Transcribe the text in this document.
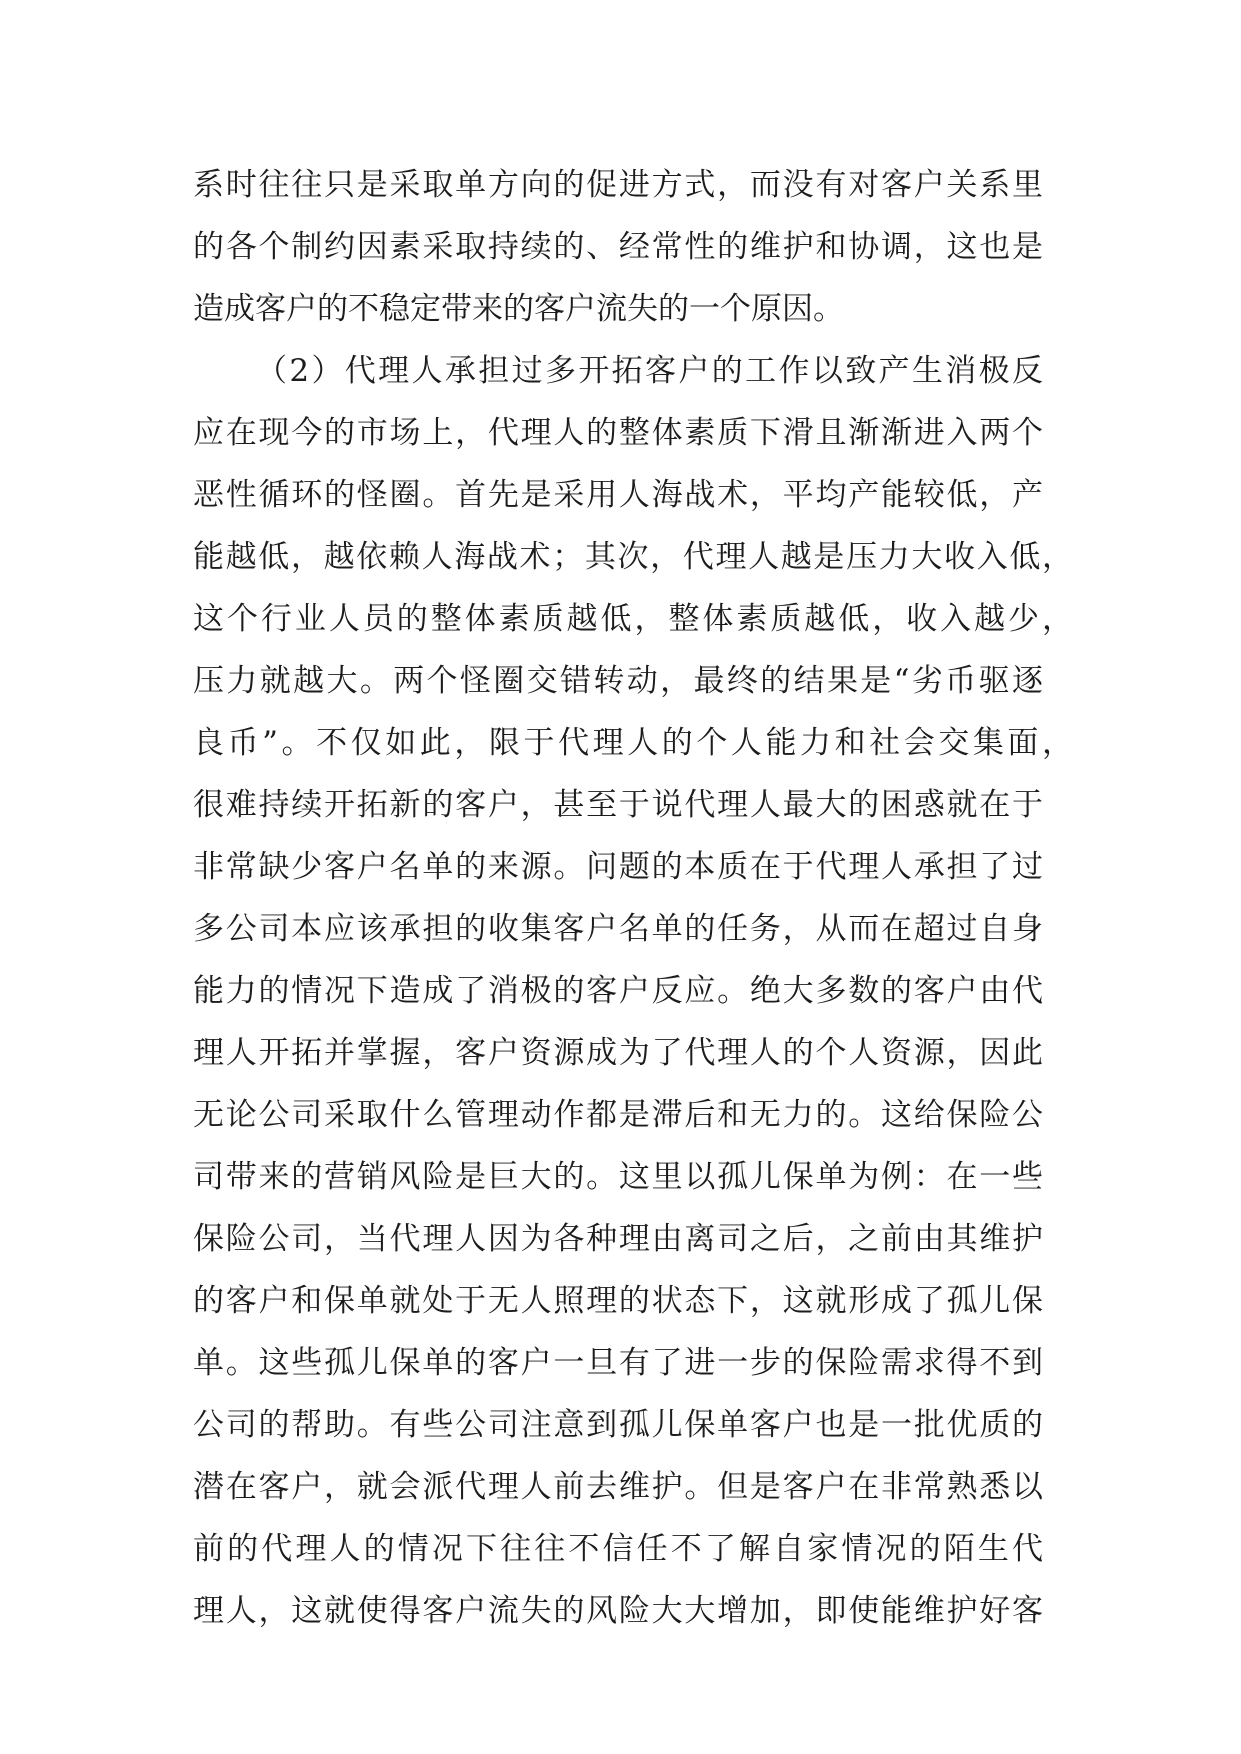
系时往往只是采取单方向的促进方式，而没有对客户关系里
的各个制约因素采取持续的、经常性的维护和协调，这也是
造成客户的不稳定带来的客户流失的一个原因。
（2）代理人承担过多开拓客户的工作以致产生消极反
应在现今的市场上，代理人的整体素质下滑且渐渐进入两个
恶性循环的怪圈。首先是采用人海战术，平均产能较低，产
能越低，越依赖人海战术；其次，代理人越是压力大收入低，
这个行业人员的整体素质越低，整体素质越低，收入越少，
压力就越大。两个怪圈交错转动，最终的结果是“劣币驱逐
良币”。不仅如此，限于代理人的个人能力和社会交集面，
很难持续开拓新的客户，甚至于说代理人最大的困惑就在于
非常缺少客户名单的来源。问题的本质在于代理人承担了过
多公司本应该承担的收集客户名单的任务，从而在超过自身
能力的情况下造成了消极的客户反应。绝大多数的客户由代
理人开拓并掌握，客户资源成为了代理人的个人资源，因此
无论公司采取什么管理动作都是滞后和无力的。这给保险公
司带来的营销风险是巨大的。这里以孤儿保单为例：在一些
保险公司，当代理人因为各种理由离司之后，之前由其维护
的客户和保单就处于无人照理的状态下，这就形成了孤儿保
单。这些孤儿保单的客户一旦有了进一步的保险需求得不到
公司的帮助。有些公司注意到孤儿保单客户也是一批优质的
潜在客户，就会派代理人前去维护。但是客户在非常熟悉以
前的代理人的情况下往往不信任不了解自家情况的陌生代
理人，这就使得客户流失的风险大大增加，即使能维护好客
